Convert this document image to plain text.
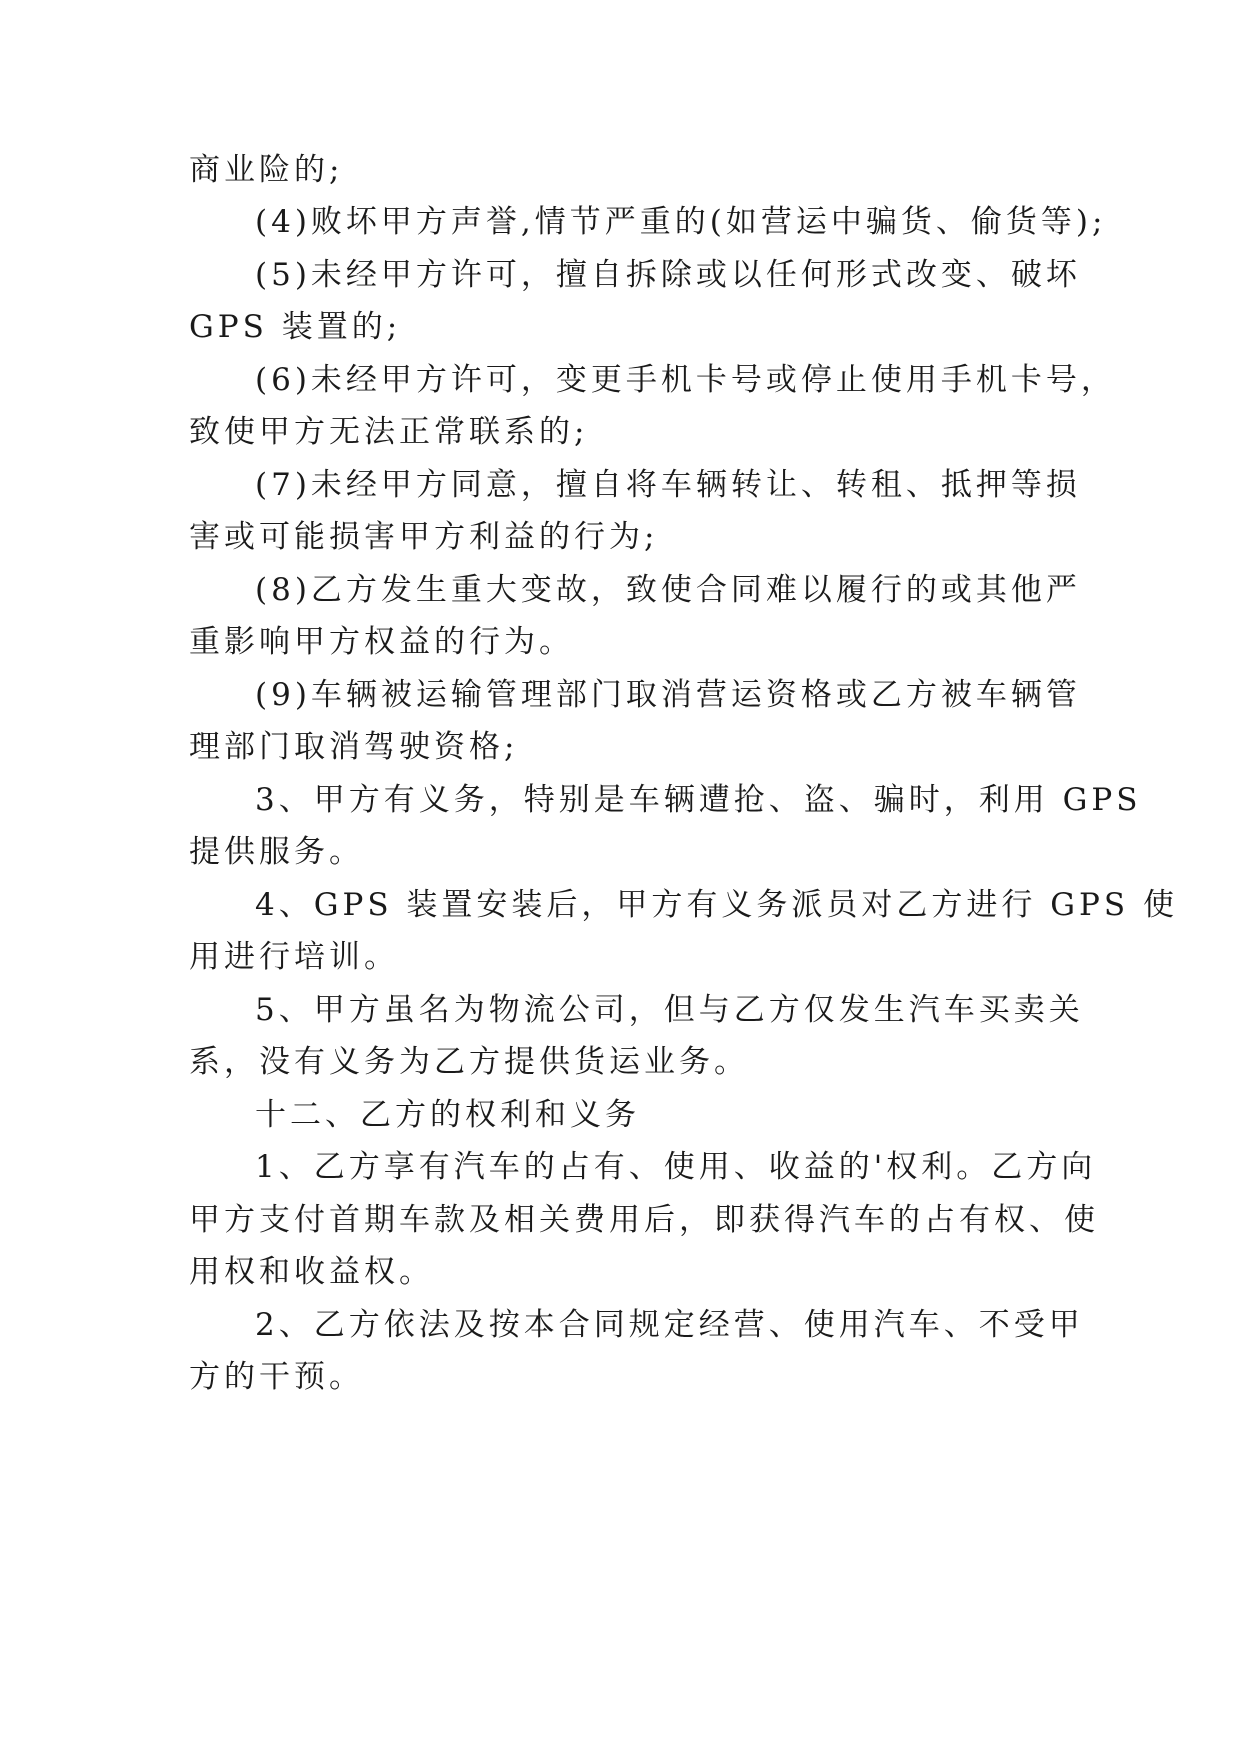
商业险的;
(4)败坏甲方声誉,情节严重的(如营运中骗货、偷货等);
(5)未经甲方许可，擅自拆除或以任何形式改变、破坏
GPS 装置的;
(6)未经甲方许可，变更手机卡号或停止使用手机卡号，
致使甲方无法正常联系的;
(7)未经甲方同意，擅自将车辆转让、转租、抵押等损
害或可能损害甲方利益的行为;
(8)乙方发生重大变故，致使合同难以履行的或其他严
重影响甲方权益的行为。
(9)车辆被运输管理部门取消营运资格或乙方被车辆管
理部门取消驾驶资格;
3、甲方有义务，特别是车辆遭抢、盗、骗时，利用 GPS
提供服务。
4、GPS 装置安装后，甲方有义务派员对乙方进行 GPS 使
用进行培训。
5、甲方虽名为物流公司，但与乙方仅发生汽车买卖关
系，没有义务为乙方提供货运业务。
十二、乙方的权利和义务
1、乙方享有汽车的占有、使用、收益的'权利。乙方向
甲方支付首期车款及相关费用后，即获得汽车的占有权、使
用权和收益权。
2、乙方依法及按本合同规定经营、使用汽车、不受甲
方的干预。
